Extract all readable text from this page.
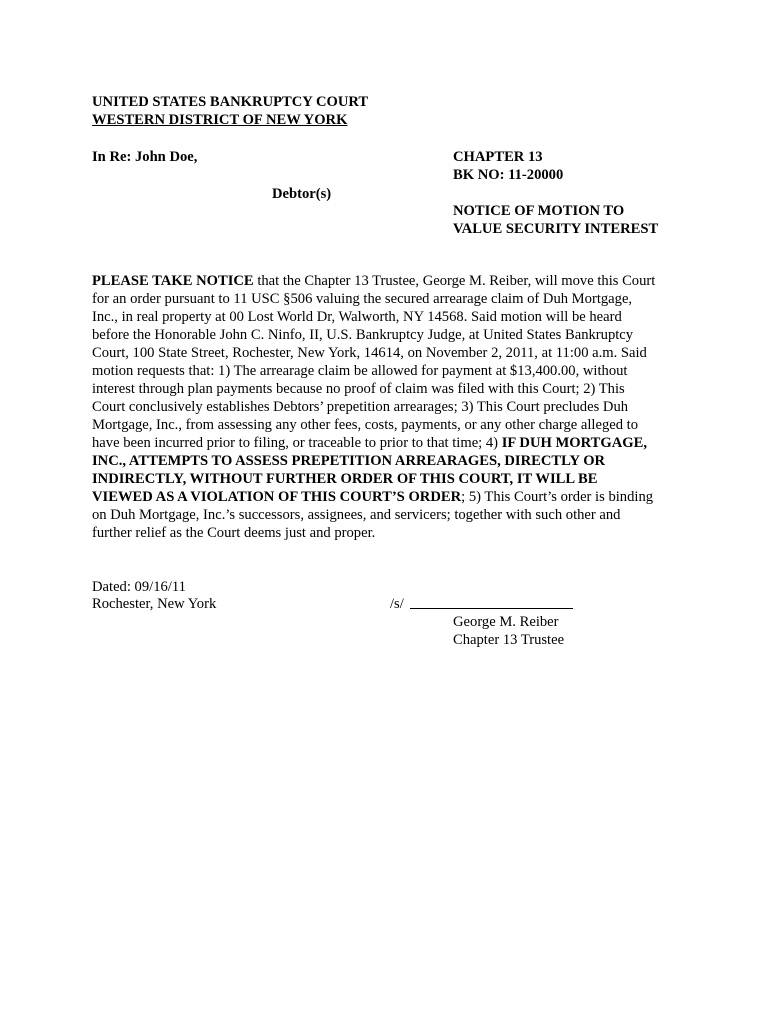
UNITED STATES BANKRUPTCY COURT
WESTERN DISTRICT OF NEW YORK
In Re: John Doe,	CHAPTER 13
BK NO: 11-20000
Debtor(s)
NOTICE OF MOTION TO
VALUE SECURITY INTEREST
PLEASE TAKE NOTICE that the Chapter 13 Trustee, George M. Reiber, will move this Court
for an order pursuant to 11 USC §506 valuing the secured arrearage claim of Duh Mortgage,
Inc., in real property at 00 Lost World Dr, Walworth, NY 14568. Said motion will be heard
before the Honorable John C. Ninfo, II, U.S. Bankruptcy Judge, at United States Bankruptcy
Court, 100 State Street, Rochester, New York, 14614, on November 2, 2011, at 11:00 a.m. Said
motion requests that: 1) The arrearage claim be allowed for payment at $13,400.00, without
interest through plan payments because no proof of claim was filed with this Court; 2) This
Court conclusively establishes Debtors’ prepetition arrearages; 3) This Court precludes Duh
Mortgage, Inc., from assessing any other fees, costs, payments, or any other charge alleged to
have been incurred prior to filing, or traceable to prior to that time; 4) IF DUH MORTGAGE,
INC., ATTEMPTS TO ASSESS PREPETITION ARREARAGES, DIRECTLY OR
INDIRECTLY, WITHOUT FURTHER ORDER OF THIS COURT, IT WILL BE
VIEWED AS A VIOLATION OF THIS COURT’S ORDER; 5) This Court’s order is binding
on Duh Mortgage, Inc.’s successors, assignees, and servicers; together with such other and
further relief as the Court deems just and proper.
Dated: 09/16/11
Rochester, New York	/s/
George M. Reiber
Chapter 13 Trustee
